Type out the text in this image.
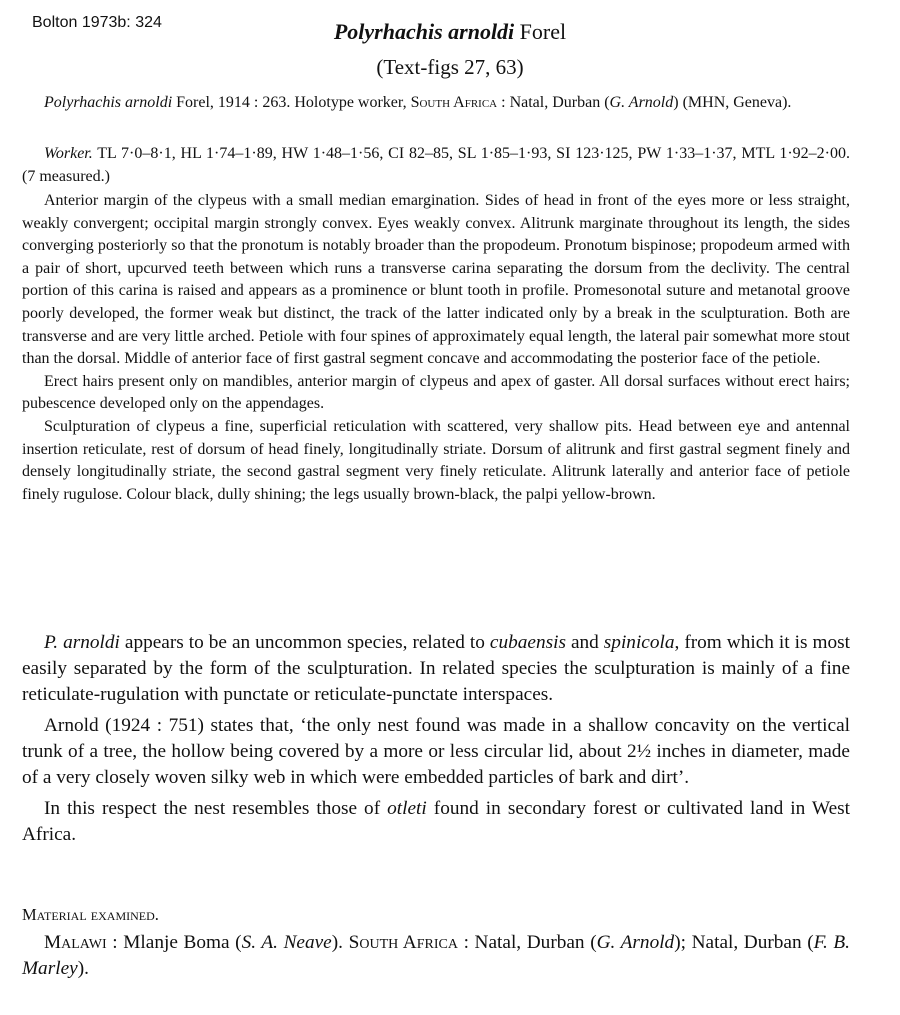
Bolton 1973b: 324	Polyrhachis arnoldi Forel
(Text-figs 27, 63)

Polyrhachis arnoldi Forel, 1914 : 263. Holotype worker, South Africa : Natal, Durban (G. Arnold) (MHN, Geneva).

Worker. TL 7·0–8·1, HL 1·74–1·89, HW 1·48–1·56, CI 82–85, SL 1·85–1·93, SI 123·125, PW 1·33–1·37, MTL 1·92–2·00. (7 measured.)

Anterior margin of the clypeus with a small median emargination. Sides of head in front of the eyes more or less straight, weakly convergent; occipital margin strongly convex. Eyes weakly convex. Alitrunk marginate throughout its length, the sides converging posteriorly so that the pronotum is notably broader than the propodeum. Pronotum bispinose; propodeum armed with a pair of short, upcurved teeth between which runs a transverse carina separating the dorsum from the declivity. The central portion of this carina is raised and appears as a prominence or blunt tooth in profile. Promesonotal suture and metanotal groove poorly developed, the former weak but distinct, the track of the latter indicated only by a break in the sculpturation. Both are transverse and are very little arched. Petiole with four spines of approximately equal length, the lateral pair somewhat more stout than the dorsal. Middle of anterior face of first gastral segment concave and accommodating the posterior face of the petiole.

Erect hairs present only on mandibles, anterior margin of clypeus and apex of gaster. All dorsal surfaces without erect hairs; pubescence developed only on the appendages.

Sculpturation of clypeus a fine, superficial reticulation with scattered, very shallow pits. Head between eye and antennal insertion reticulate, rest of dorsum of head finely, longitudinally striate. Dorsum of alitrunk and first gastral segment finely and densely longitudinally striate, the second gastral segment very finely reticulate. Alitrunk laterally and anterior face of petiole finely rugulose. Colour black, dully shining; the legs usually brown-black, the palpi yellow-brown.

P. arnoldi appears to be an uncommon species, related to cubaensis and spinicola, from which it is most easily separated by the form of the sculpturation. In related species the sculpturation is mainly of a fine reticulate-rugulation with punctate or reticulate-punctate interspaces.

Arnold (1924 : 751) states that, ‘the only nest found was made in a shallow concavity on the vertical trunk of a tree, the hollow being covered by a more or less circular lid, about 2½ inches in diameter, made of a very closely woven silky web in which were embedded particles of bark and dirt’.

In this respect the nest resembles those of otleti found in secondary forest or cultivated land in West Africa.

Material examined.

Malawi : Mlanje Boma (S. A. Neave). South Africa : Natal, Durban (G. Arnold); Natal, Durban (F. B. Marley).
